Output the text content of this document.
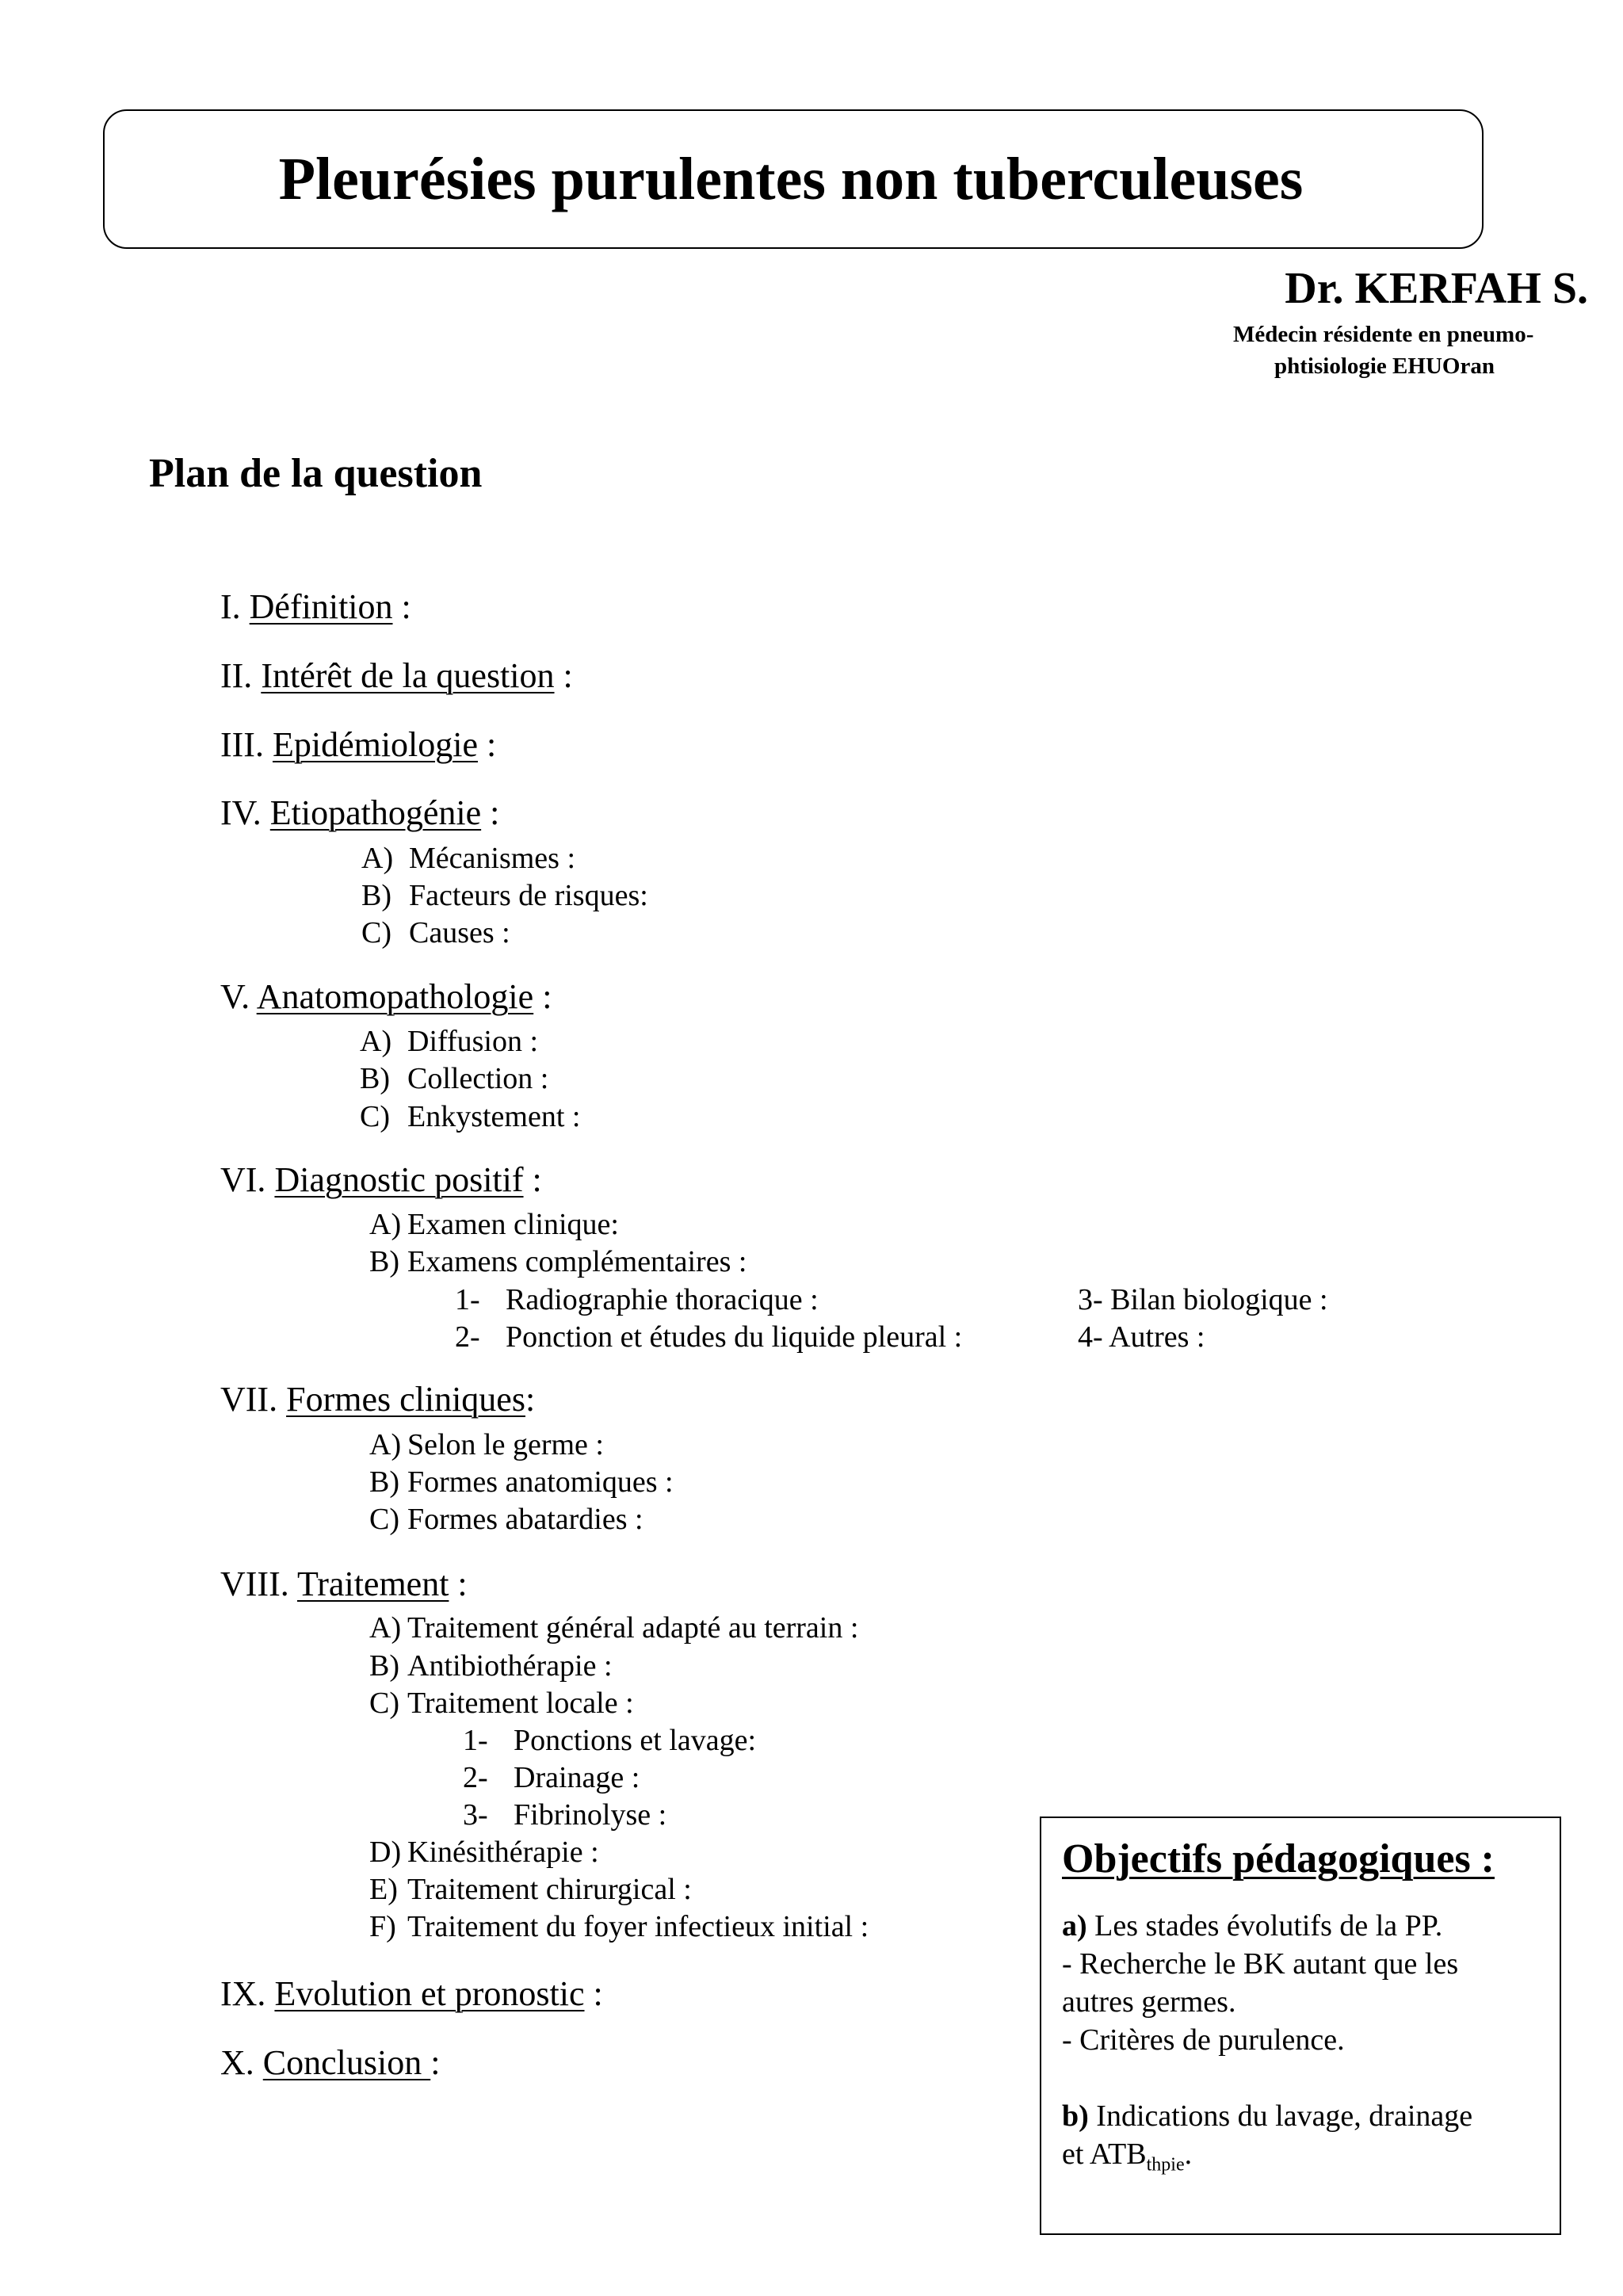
Pleurésies purulentes non tuberculeuses
Dr. KERFAH S.
Médecin résidente en pneumo-
phtisiologie EHUOran
Plan de la question
I. Définition :
II. Intérêt de la question :
III. Epidémiologie :
IV. Etiopathogénie :
A) Mécanismes :
B) Facteurs de risques:
C) Causes :
V. Anatomopathologie :
A) Diffusion :
B) Collection :
C) Enkystement :
VI. Diagnostic positif :
A) Examen clinique:
B) Examens complémentaires :
1- Radiographie thoracique :
2- Ponction et études du liquide pleural :
3- Bilan biologique :
4- Autres :
VII. Formes cliniques:
A) Selon le germe :
B) Formes anatomiques :
C) Formes abatardies :
VIII. Traitement :
A) Traitement général adapté au terrain :
B) Antibiothérapie :
C) Traitement locale :
1- Ponctions et lavage:
2- Drainage :
3- Fibrinolyse :
D) Kinésithérapie :
E) Traitement chirurgical :
F) Traitement du foyer infectieux initial :
IX. Evolution et pronostic :
X. Conclusion :
Objectifs pédagogiques :
a) Les stades évolutifs de la PP.
- Recherche le BK autant que les
autres germes.
- Critères de purulence.
b) Indications du lavage, drainage
et $ATB_{thpie}$.
